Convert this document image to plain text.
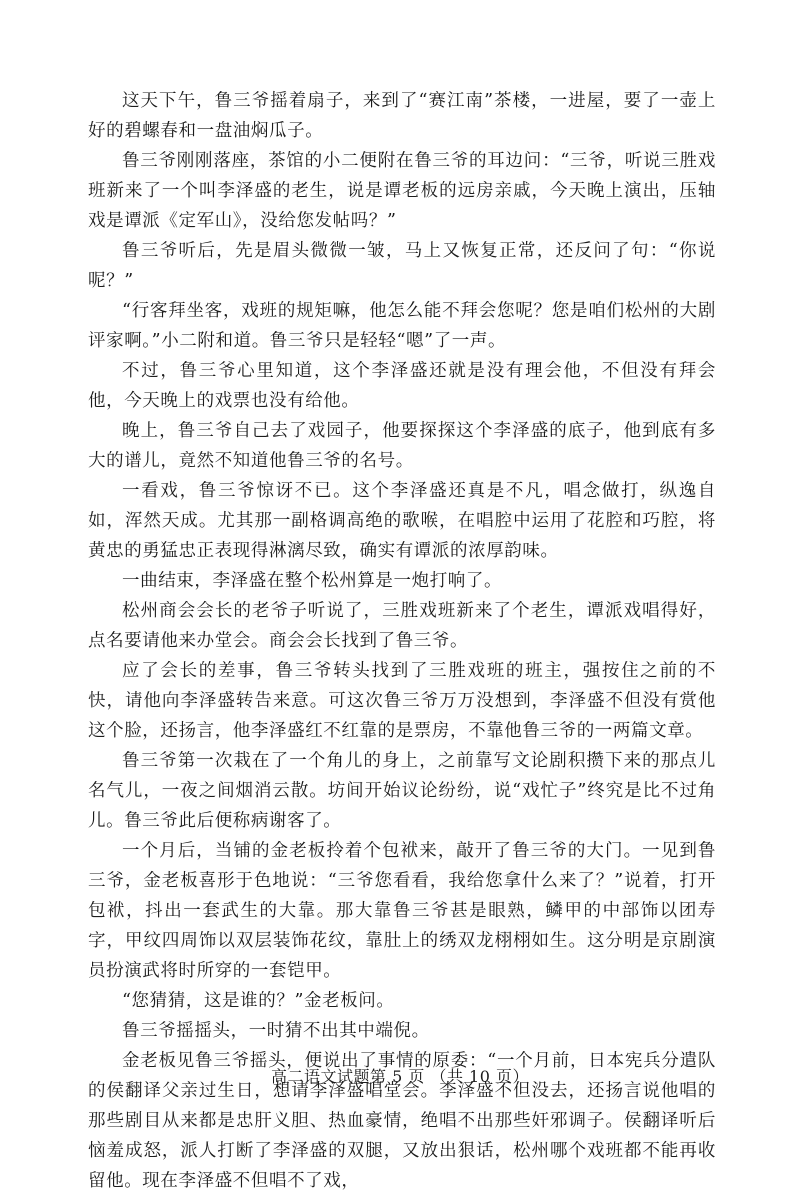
这天下午，鲁三爷摇着扇子，来到了“赛江南”茶楼，一进屋，要了一壶上好的碧螺春和一盘油焖瓜子。

鲁三爷刚刚落座，茶馆的小二便附在鲁三爷的耳边问：“三爷，听说三胜戏班新来了一个叫李泽盛的老生，说是谭老板的远房亲戚，今天晚上演出，压轴戏是谭派《定军山》，没给您发帖吗？”

鲁三爷听后，先是眉头微微一皱，马上又恢复正常，还反问了句：“你说呢？”

“行客拜坐客，戏班的规矩嘛，他怎么能不拜会您呢？您是咱们松州的大剧评家啊。”小二附和道。鲁三爷只是轻轻“嗯”了一声。

不过，鲁三爷心里知道，这个李泽盛还就是没有理会他，不但没有拜会他，今天晚上的戏票也没有给他。

晚上，鲁三爷自己去了戏园子，他要探探这个李泽盛的底子，他到底有多大的谱儿，竟然不知道他鲁三爷的名号。

一看戏，鲁三爷惊讶不已。这个李泽盛还真是不凡，唱念做打，纵逸自如，浑然天成。尤其那一副格调高绝的歌喉，在唱腔中运用了花腔和巧腔，将黄忠的勇猛忠正表现得淋漓尽致，确实有谭派的浓厚韵味。

一曲结束，李泽盛在整个松州算是一炮打响了。

松州商会会长的老爷子听说了，三胜戏班新来了个老生，谭派戏唱得好，点名要请他来办堂会。商会会长找到了鲁三爷。

应了会长的差事，鲁三爷转头找到了三胜戏班的班主，强按住之前的不快，请他向李泽盛转告来意。可这次鲁三爷万万没想到，李泽盛不但没有赏他这个脸，还扬言，他李泽盛红不红靠的是票房，不靠他鲁三爷的一两篇文章。

鲁三爷第一次栽在了一个角儿的身上，之前靠写文论剧积攒下来的那点儿名气儿，一夜之间烟消云散。坊间开始议论纷纷，说“戏忙子”终究是比不过角儿。鲁三爷此后便称病谢客了。

一个月后，当铺的金老板拎着个包袱来，敲开了鲁三爷的大门。一见到鲁三爷，金老板喜形于色地说：“三爷您看看，我给您拿什么来了？”说着，打开包袱，抖出一套武生的大靠。那大靠鲁三爷甚是眼熟，鳞甲的中部饰以团寿字，甲纹四周饰以双层装饰花纹，靠肚上的绣双龙栩栩如生。这分明是京剧演员扮演武将时所穿的一套铠甲。

“您猜猜，这是谁的？”金老板问。

鲁三爷摇摇头，一时猜不出其中端倪。

金老板见鲁三爷摇头，便说出了事情的原委：“一个月前，日本宪兵分遣队的侯翻译父亲过生日，想请李泽盛唱堂会。李泽盛不但没去，还扬言说他唱的那些剧目从来都是忠肝义胆、热血豪情，绝唱不出那些奸邪调子。侯翻译听后恼羞成怒，派人打断了李泽盛的双腿，又放出狠话，松州哪个戏班都不能再收留他。现在李泽盛不但唱不了戏，

高二语文试题第 5 页 （共 10 页）
